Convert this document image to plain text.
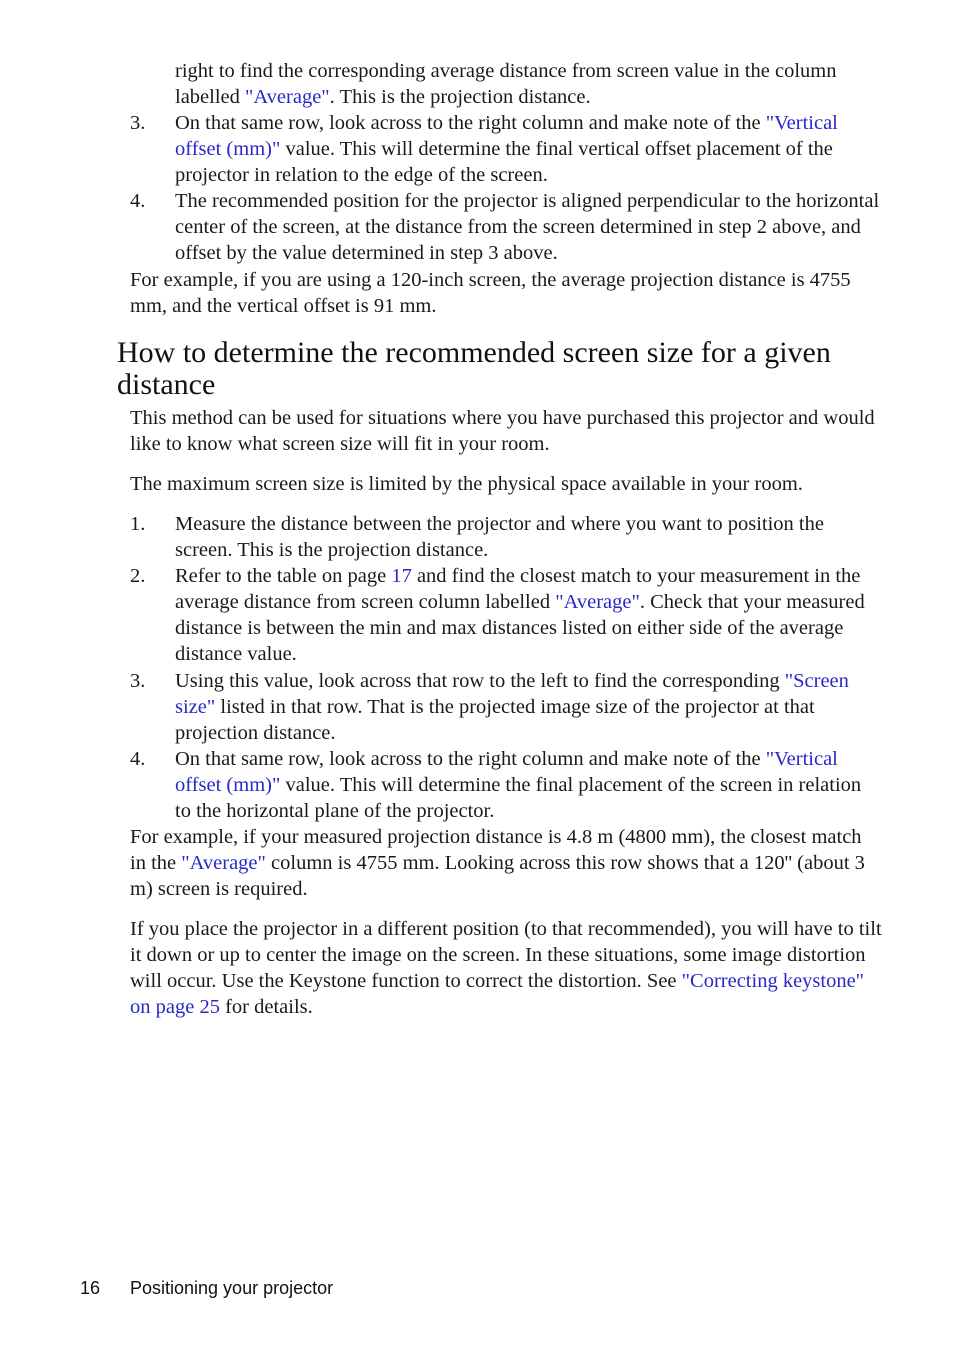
right to find the corresponding average distance from screen value in the column labelled "Average". This is the projection distance.

3. On that same row, look across to the right column and make note of the "Vertical offset (mm)" value. This will determine the final vertical offset placement of the projector in relation to the edge of the screen.

4. The recommended position for the projector is aligned perpendicular to the horizontal center of the screen, at the distance from the screen determined in step 2 above, and offset by the value determined in step 3 above.

For example, if you are using a 120-inch screen, the average projection distance is 4755 mm, and the vertical offset is 91 mm.

How to determine the recommended screen size for a given distance

This method can be used for situations where you have purchased this projector and would like to know what screen size will fit in your room.

The maximum screen size is limited by the physical space available in your room.

1. Measure the distance between the projector and where you want to position the screen. This is the projection distance.

2. Refer to the table on page 17 and find the closest match to your measurement in the average distance from screen column labelled "Average". Check that your measured distance is between the min and max distances listed on either side of the average distance value.

3. Using this value, look across that row to the left to find the corresponding "Screen size" listed in that row. That is the projected image size of the projector at that projection distance.

4. On that same row, look across to the right column and make note of the "Vertical offset (mm)" value. This will determine the final placement of the screen in relation to the horizontal plane of the projector.

For example, if your measured projection distance is 4.8 m (4800 mm), the closest match in the "Average" column is 4755 mm. Looking across this row shows that a 120'' (about 3 m) screen is required.

If you place the projector in a different position (to that recommended), you will have to tilt it down or up to center the image on the screen. In these situations, some image distortion will occur. Use the Keystone function to correct the distortion. See "Correcting keystone" on page 25 for details.

16 Positioning your projector
